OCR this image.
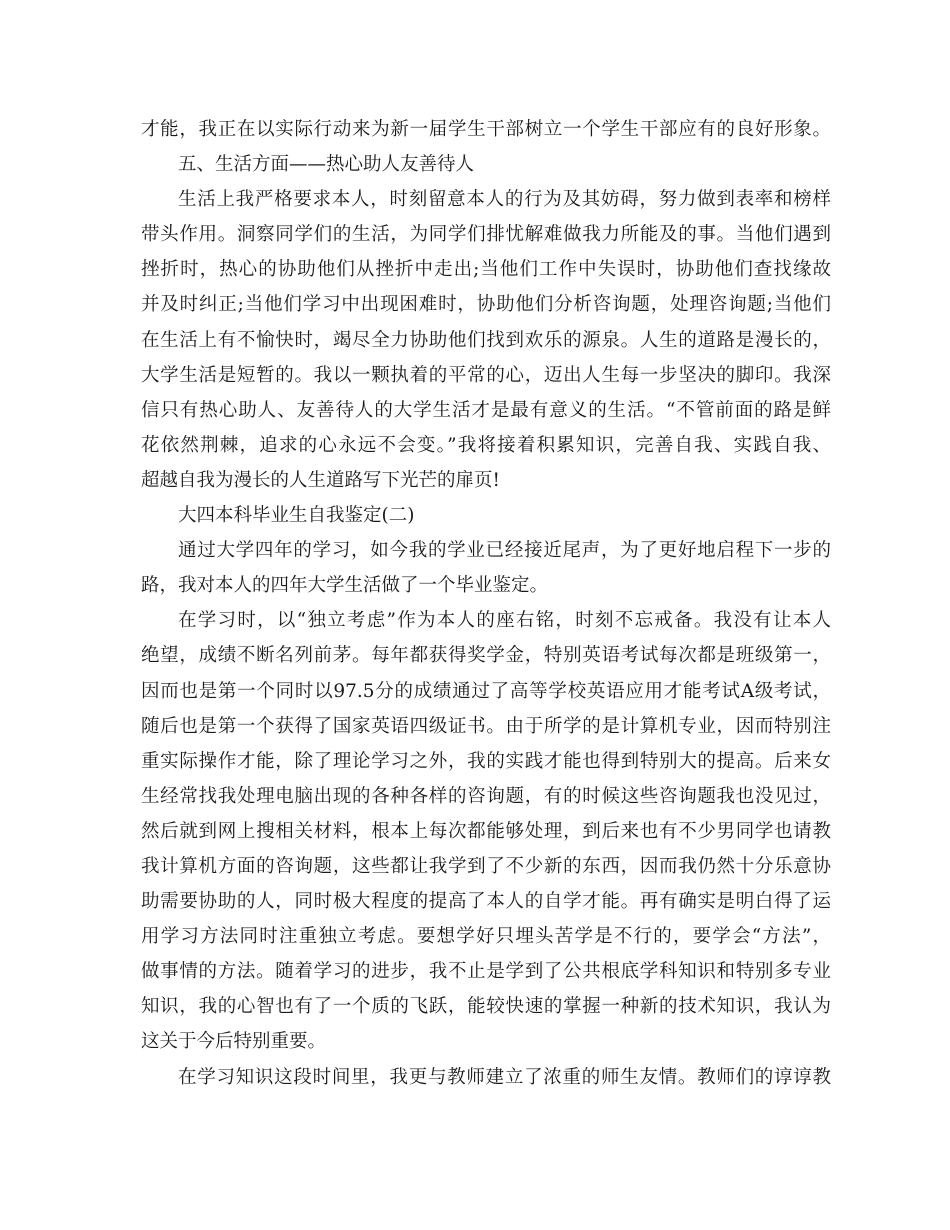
才能，我正在以实际行动来为新一届学生干部树立一个学生干部应有的良好形象。
五、生活方面——热心助人友善待人
生活上我严格要求本人，时刻留意本人的行为及其妨碍，努力做到表率和榜样
带头作用。洞察同学们的生活，为同学们排忧解难做我力所能及的事。当他们遇到
挫折时，热心的协助他们从挫折中走出;当他们工作中失误时，协助他们查找缘故
并及时纠正;当他们学习中出现困难时，协助他们分析咨询题，处理咨询题;当他们
在生活上有不愉快时，竭尽全力协助他们找到欢乐的源泉。人生的道路是漫长的，
大学生活是短暂的。我以一颗执着的平常的心，迈出人生每一步坚决的脚印。我深
信只有热心助人、友善待人的大学生活才是最有意义的生活。“不管前面的路是鲜
花依然荆棘，追求的心永远不会变。”我将接着积累知识，完善自我、实践自我、
超越自我为漫长的人生道路写下光芒的扉页!
大四本科毕业生自我鉴定(二)
通过大学四年的学习，如今我的学业已经接近尾声，为了更好地启程下一步的
路，我对本人的四年大学生活做了一个毕业鉴定。
在学习时，以“独立考虑”作为本人的座右铭，时刻不忘戒备。我没有让本人
绝望，成绩不断名列前茅。每年都获得奖学金，特别英语考试每次都是班级第一，
因而也是第一个同时以97.5分的成绩通过了高等学校英语应用才能考试A级考试，
随后也是第一个获得了国家英语四级证书。由于所学的是计算机专业，因而特别注
重实际操作才能，除了理论学习之外，我的实践才能也得到特别大的提高。后来女
生经常找我处理电脑出现的各种各样的咨询题，有的时候这些咨询题我也没见过，
然后就到网上搜相关材料，根本上每次都能够处理，到后来也有不少男同学也请教
我计算机方面的咨询题，这些都让我学到了不少新的东西，因而我仍然十分乐意协
助需要协助的人，同时极大程度的提高了本人的自学才能。再有确实是明白得了运
用学习方法同时注重独立考虑。要想学好只埋头苦学是不行的，要学会“方法”，
做事情的方法。随着学习的进步，我不止是学到了公共根底学科知识和特别多专业
知识，我的心智也有了一个质的飞跃，能较快速的掌握一种新的技术知识，我认为
这关于今后特别重要。
在学习知识这段时间里，我更与教师建立了浓重的师生友情。教师们的谆谆教
